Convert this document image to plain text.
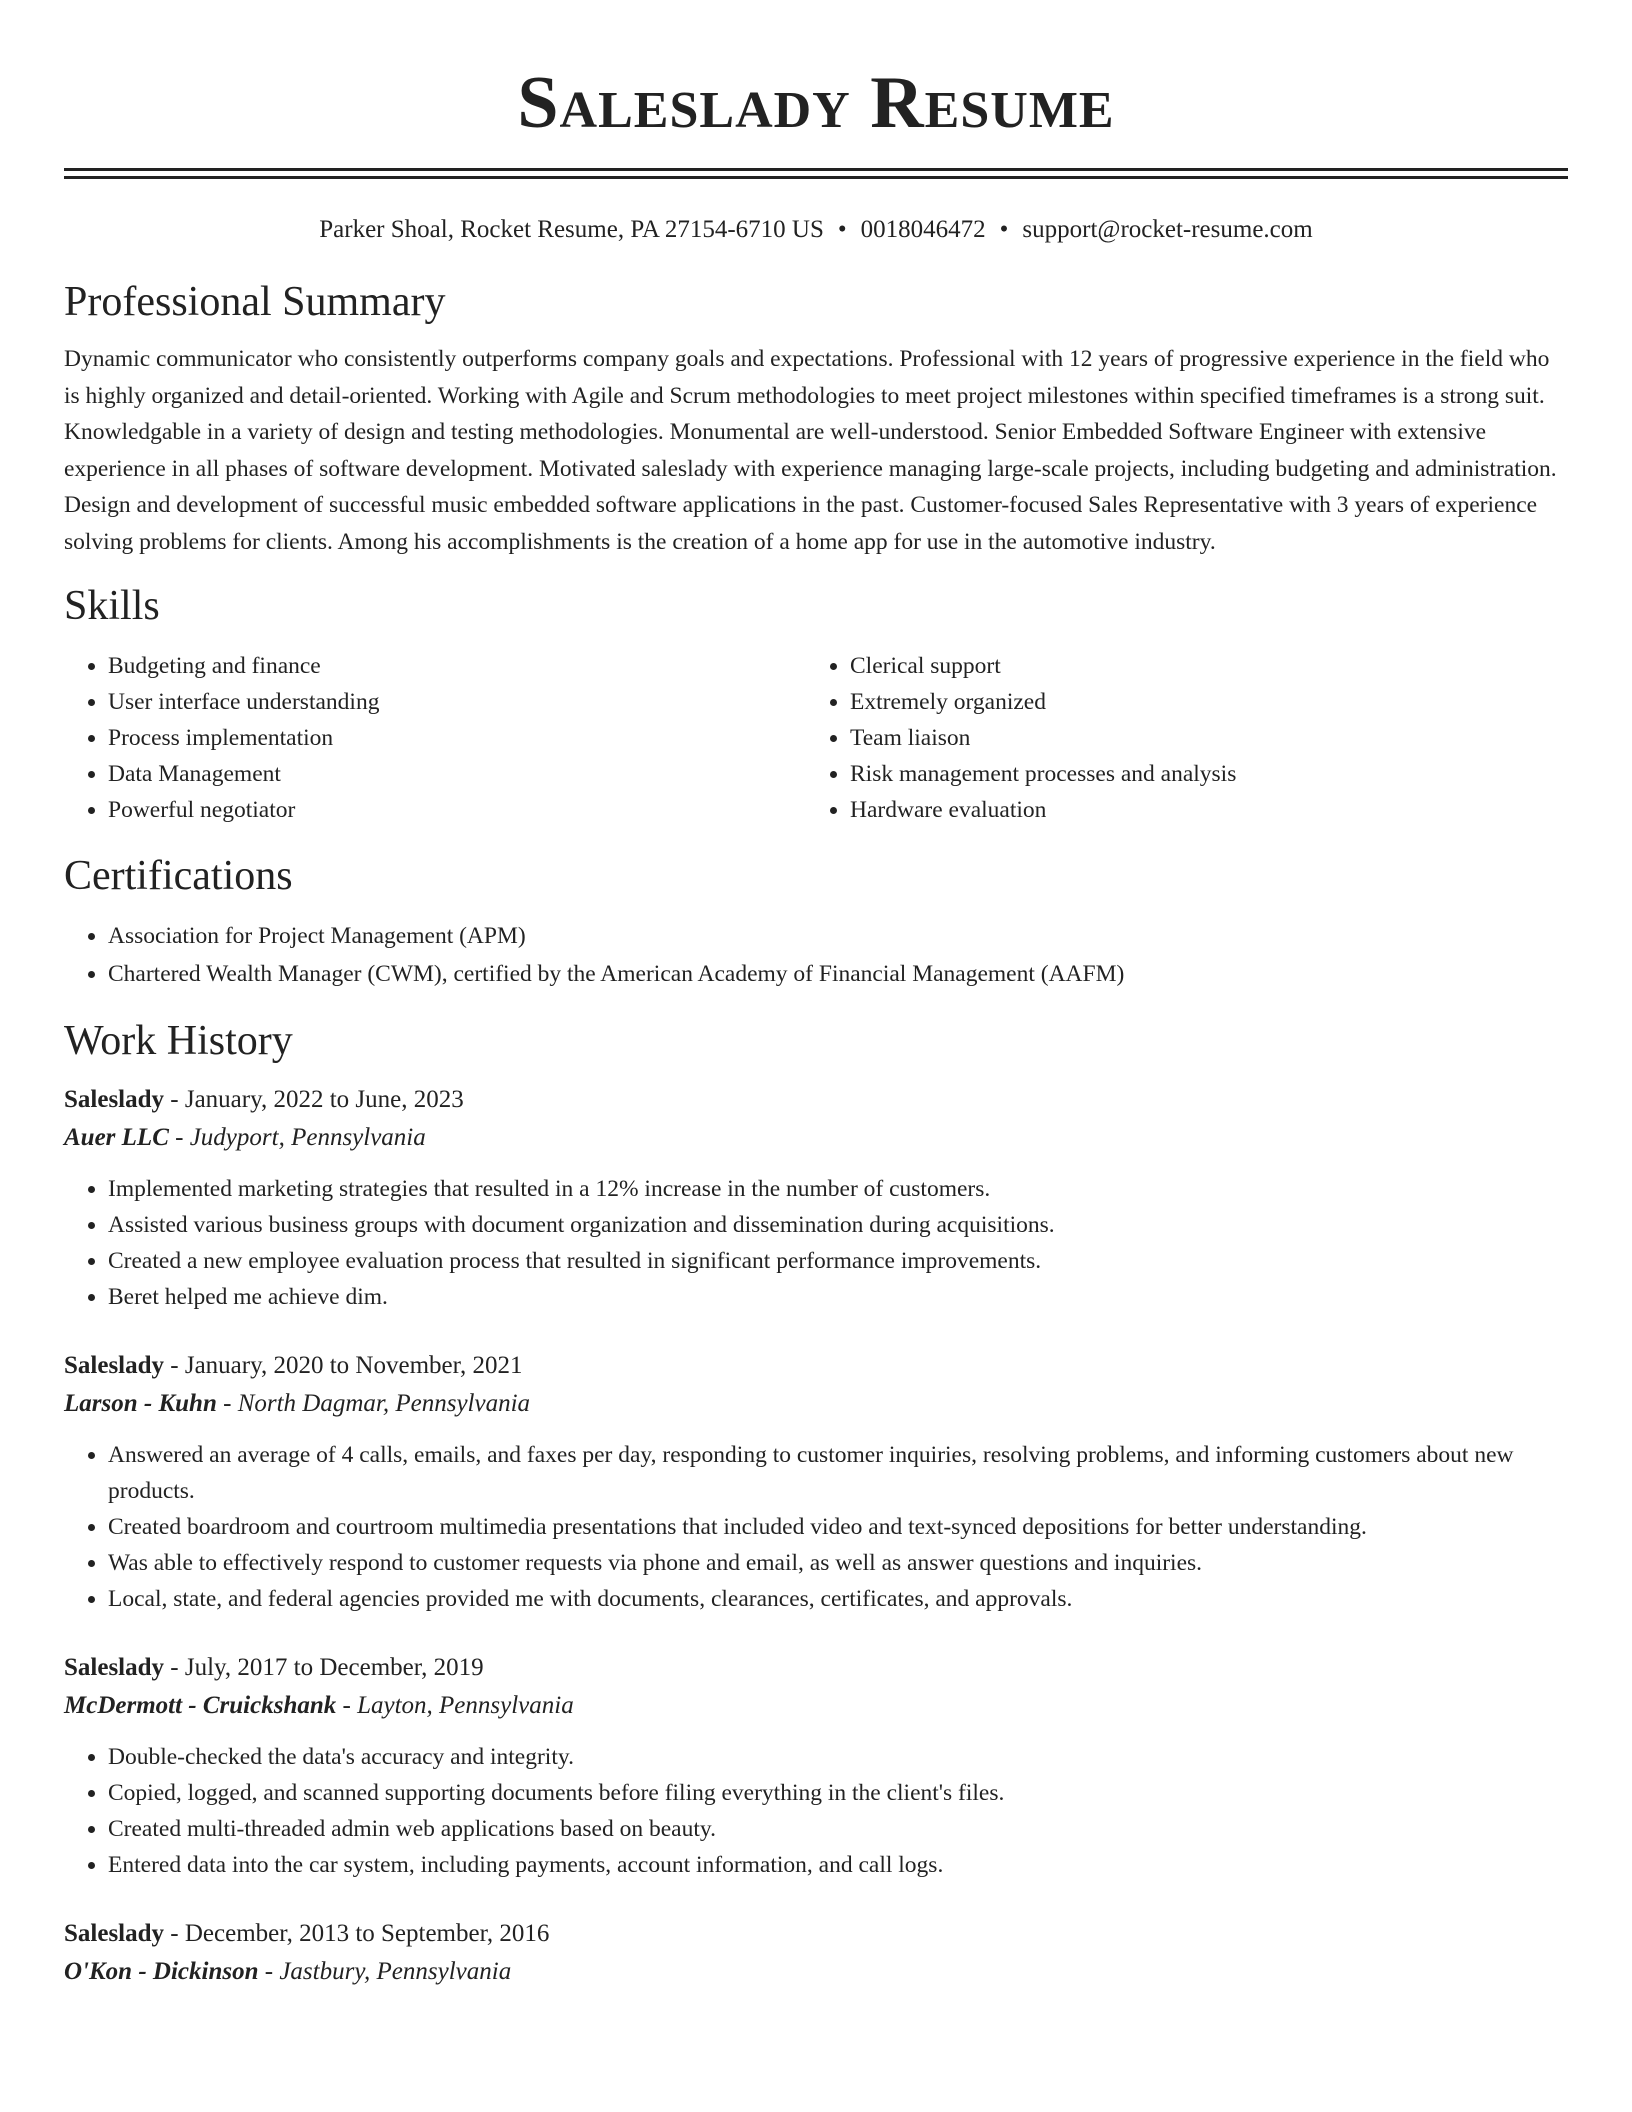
Saleslady Resume
Parker Shoal, Rocket Resume, PA 27154-6710 US • 0018046472 • support@rocket-resume.com
Professional Summary

Dynamic communicator who consistently outperforms company goals and expectations. Professional with 12 years of progressive experience in the field who is highly organized and detail-oriented. Working with Agile and Scrum methodologies to meet project milestones within specified timeframes is a strong suit. Knowledgable in a variety of design and testing methodologies. Monumental are well-understood. Senior Embedded Software Engineer with extensive experience in all phases of software development. Motivated saleslady with experience managing large-scale projects, including budgeting and administration. Design and development of successful music embedded software applications in the past. Customer-focused Sales Representative with 3 years of experience solving problems for clients. Among his accomplishments is the creation of a home app for use in the automotive industry.

Skills
• Budgeting and finance
• User interface understanding
• Process implementation
• Data Management
• Powerful negotiator
• Clerical support
• Extremely organized
• Team liaison
• Risk management processes and analysis
• Hardware evaluation
Certifications
• Association for Project Management (APM)
• Chartered Wealth Manager (CWM), certified by the American Academy of Financial Management (AAFM)
Work History
Saleslady - January, 2022 to June, 2023
Auer LLC - Judyport, Pennsylvania
• Implemented marketing strategies that resulted in a 12% increase in the number of customers.
• Assisted various business groups with document organization and dissemination during acquisitions.
• Created a new employee evaluation process that resulted in significant performance improvements.
• Beret helped me achieve dim.
Saleslady - January, 2020 to November, 2021
Larson - Kuhn - North Dagmar, Pennsylvania
• Answered an average of 4 calls, emails, and faxes per day, responding to customer inquiries, resolving problems, and informing customers about new products.
• Created boardroom and courtroom multimedia presentations that included video and text-synced depositions for better understanding.
• Was able to effectively respond to customer requests via phone and email, as well as answer questions and inquiries.
• Local, state, and federal agencies provided me with documents, clearances, certificates, and approvals.
Saleslady - July, 2017 to December, 2019
McDermott - Cruickshank - Layton, Pennsylvania
• Double-checked the data's accuracy and integrity.
• Copied, logged, and scanned supporting documents before filing everything in the client's files.
• Created multi-threaded admin web applications based on beauty.
• Entered data into the car system, including payments, account information, and call logs.
Saleslady - December, 2013 to September, 2016
O'Kon - Dickinson - Jastbury, Pennsylvania
